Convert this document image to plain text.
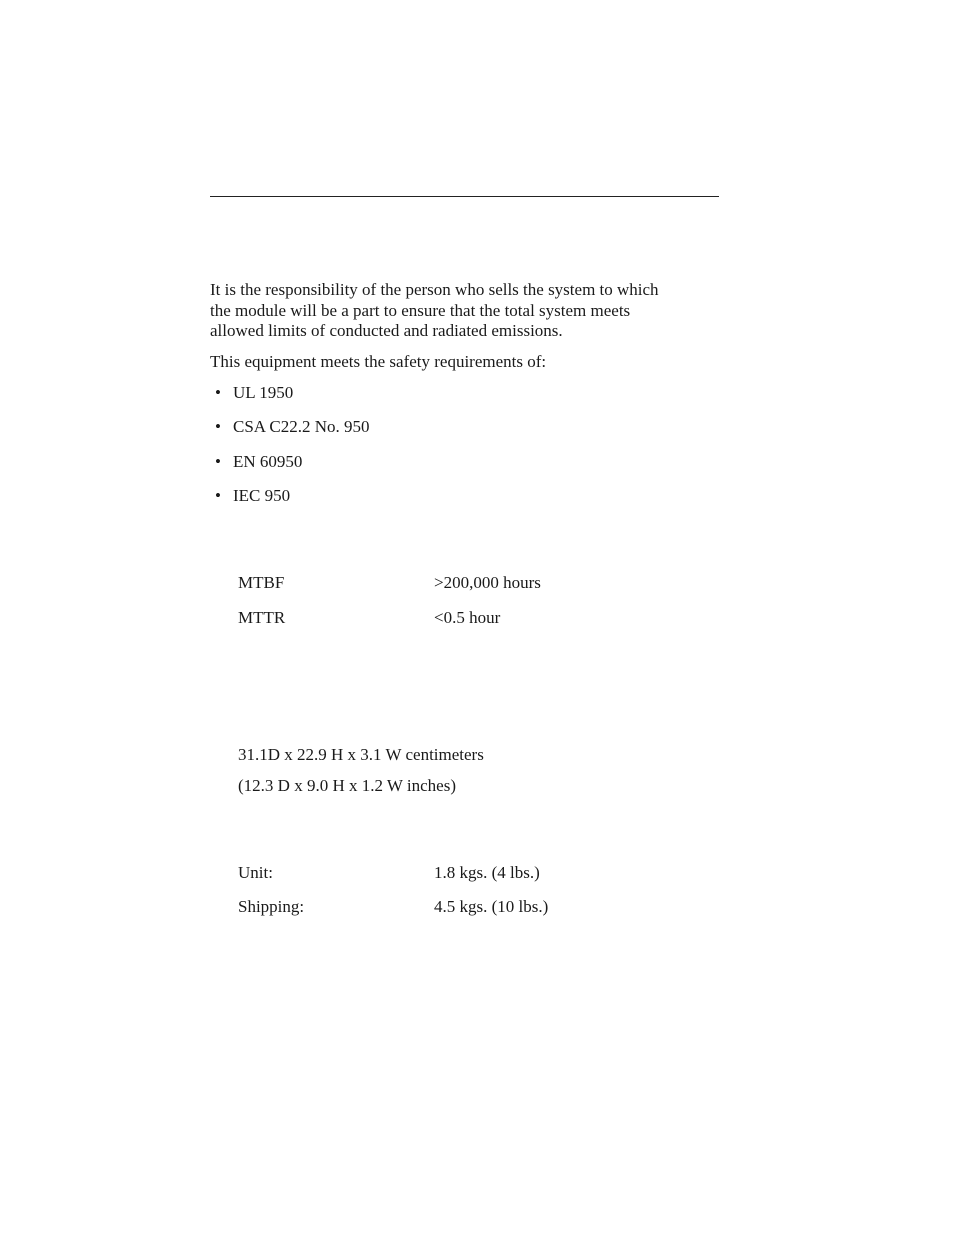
It is the responsibility of the person who sells the system to which
the module will be a part to ensure that the total system meets
allowed limits of conducted and radiated emissions.
This equipment meets the safety requirements of:
• UL 1950
• CSA C22.2 No. 950
• EN 60950
• IEC 950
MTBF	>200,000 hours
MTTR	<0.5 hour
31.1D x 22.9 H x 3.1 W centimeters
(12.3 D x 9.0 H x 1.2 W inches)
Unit:	1.8 kgs. (4 lbs.)
Shipping:	4.5 kgs. (10 lbs.)
